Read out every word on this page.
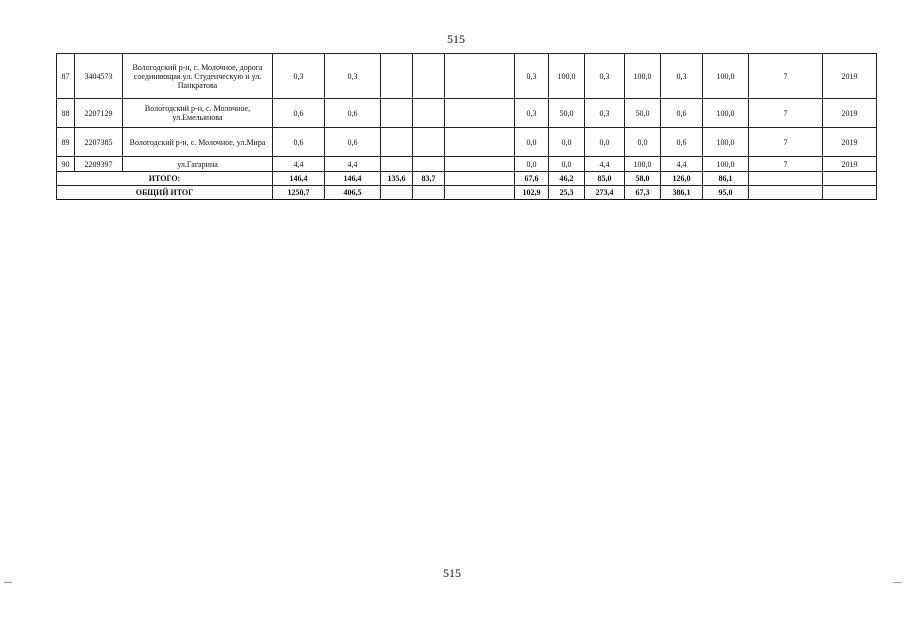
515
87	3404573	Вологодский р-н, с. Молочное, дорога соединяющая ул. Студенческую и ул. Панкратова	0,3	0,3				0,3	100,0	0,3	100,0	0,3	100,0	7	2019
88	2207129	Вологодский р-н, с. Молочное, ул.Емельянова	0,6	0,6				0,3	50,0	0,3	50,0	0,6	100,0	7	2019
89	2207385	Вологодский р-н, с. Молочное, ул.Мира	0,6	0,6				0,0	0,0	0,0	0,0	0,6	100,0	7	2019
90	2209397	ул.Гагарина	4,4	4,4				0,0	0,0	4,4	100,0	4,4	100,0	7	2019
ИТОГО:			146,4	146,4	135,6	83,7		67,6	46,2	85,0	58,0	126,0	86,1		
ОБЩИЙ ИТОГ			1250,7	406,5				102,9	25,3	273,4	67,3	386,1	95,0		
515
